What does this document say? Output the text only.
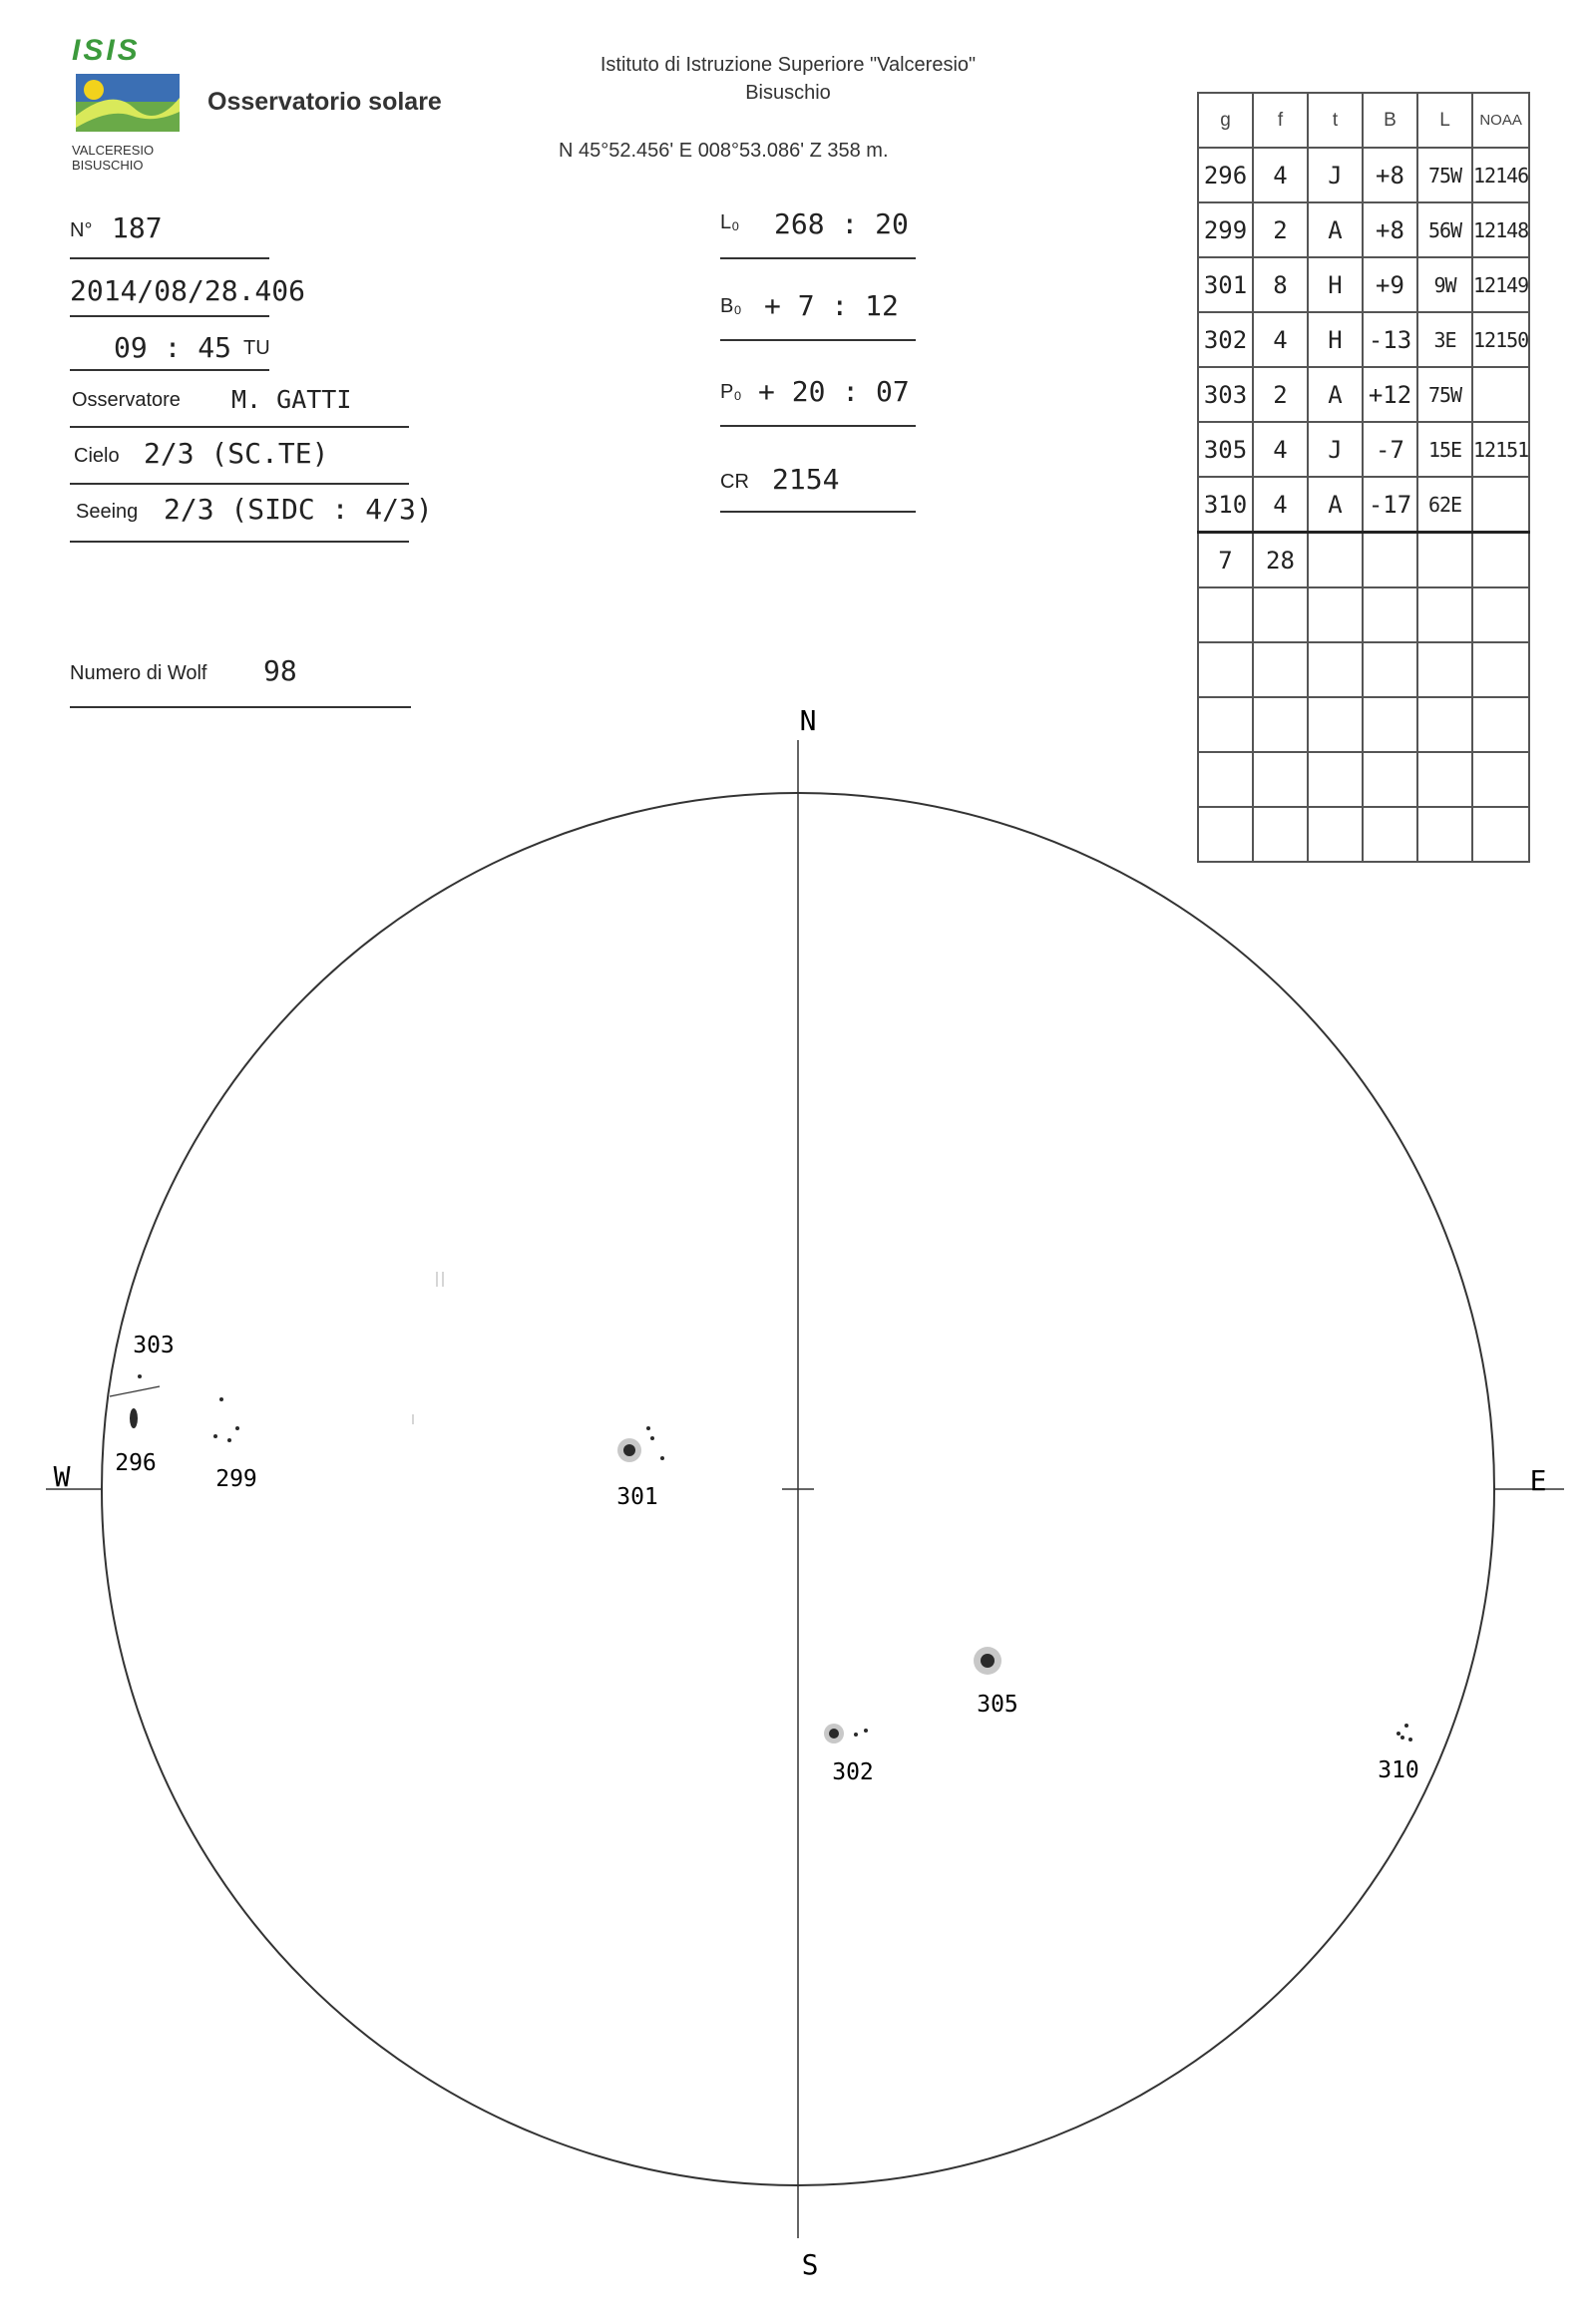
ISIS
VALCERESIO
BISUSCHIO
Osservatorio solare
Istituto di Istruzione Superiore "Valceresio"
Bisuschio
N 45°52.456' E 008°53.086' Z 358 m.
N° 187
2014/08/28.406
09 : 45 TU
Osservatore M. GATTI
Cielo 2/3 (SC.TE)
Seeing 2/3 (SIDC : 4/3)
Numero di Wolf 98
L₀ 268 : 20
B₀ + 7 : 12
P₀ + 20 : 07
CR 2154
g	f	t	B	L	NOAA
296	4	J	+8	75W	12146
299	2	A	+8	56W	12148
301	8	H	+9	9W	12149
302	4	H	-13	3E	12150
303	2	A	+12	75W	
305	4	J	-7	15E	12151
310	4	A	-17	62E	
7	28				

N
S
W	E
303
296
299
301
305
302	310
